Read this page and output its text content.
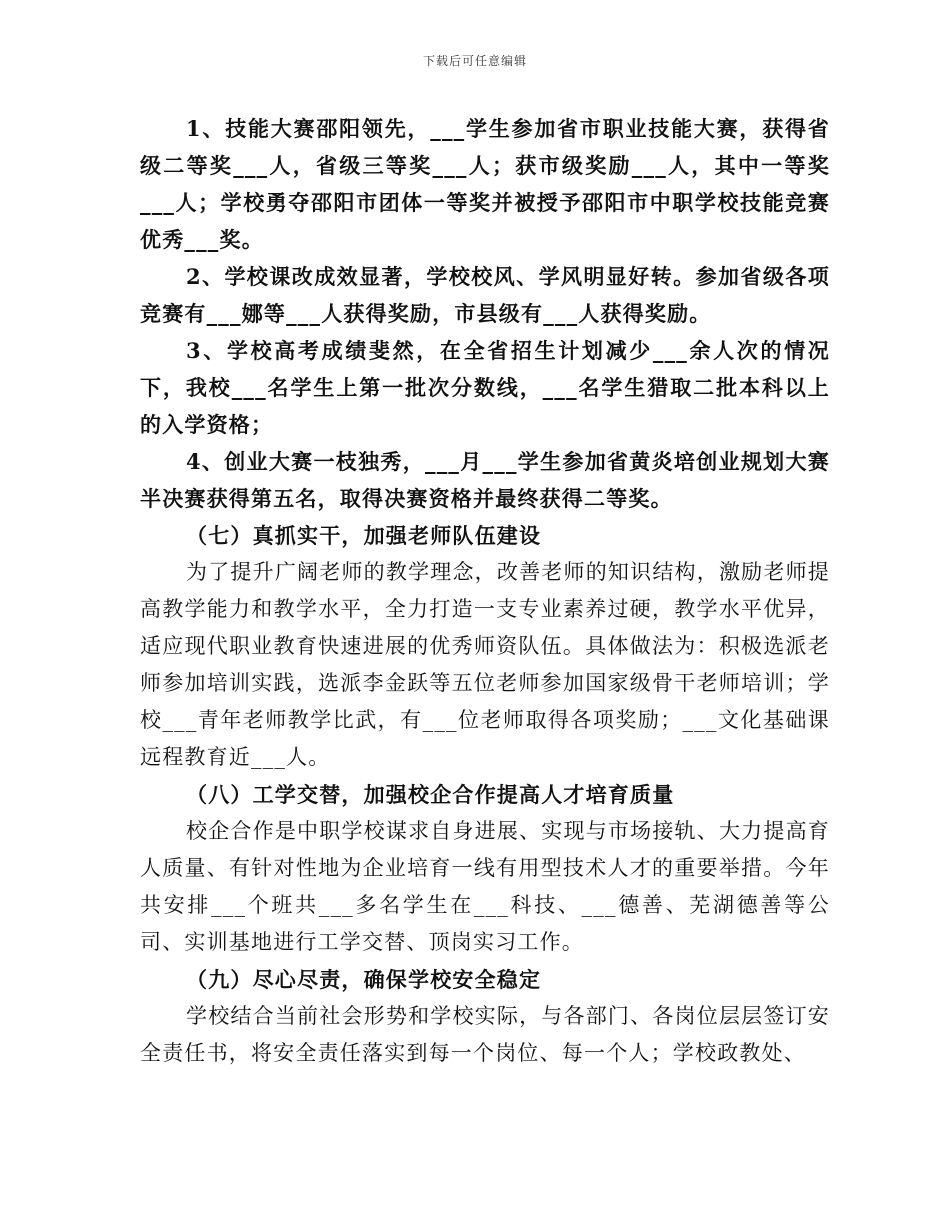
下载后可任意编辑

1、技能大赛邵阳领先，___学生参加省市职业技能大赛，获得省级二等奖___人，省级三等奖___人；获市级奖励___人，其中一等奖___人；学校勇夺邵阳市团体一等奖并被授予邵阳市中职学校技能竞赛优秀___奖。

2、学校课改成效显著，学校校风、学风明显好转。参加省级各项竞赛有___娜等___人获得奖励，市县级有___人获得奖励。

3、学校高考成绩斐然，在全省招生计划减少___余人次的情况下，我校___名学生上第一批次分数线，___名学生猎取二批本科以上的入学资格；

4、创业大赛一枝独秀，___月___学生参加省黄炎培创业规划大赛半决赛获得第五名，取得决赛资格并最终获得二等奖。

（七）真抓实干，加强老师队伍建设

为了提升广阔老师的教学理念，改善老师的知识结构，激励老师提高教学能力和教学水平，全力打造一支专业素养过硬，教学水平优异，适应现代职业教育快速进展的优秀师资队伍。具体做法为：积极选派老师参加培训实践，选派李金跃等五位老师参加国家级骨干老师培训；学校___青年老师教学比武，有___位老师取得各项奖励；___文化基础课远程教育近___人。

（八）工学交替，加强校企合作提高人才培育质量

校企合作是中职学校谋求自身进展、实现与市场接轨、大力提高育人质量、有针对性地为企业培育一线有用型技术人才的重要举措。今年共安排___个班共___多名学生在___科技、___德善、芜湖德善等公司、实训基地进行工学交替、顶岗实习工作。

（九）尽心尽责，确保学校安全稳定

学校结合当前社会形势和学校实际，与各部门、各岗位层层签订安全责任书，将安全责任落实到每一个岗位、每一个人；学校政教处、
